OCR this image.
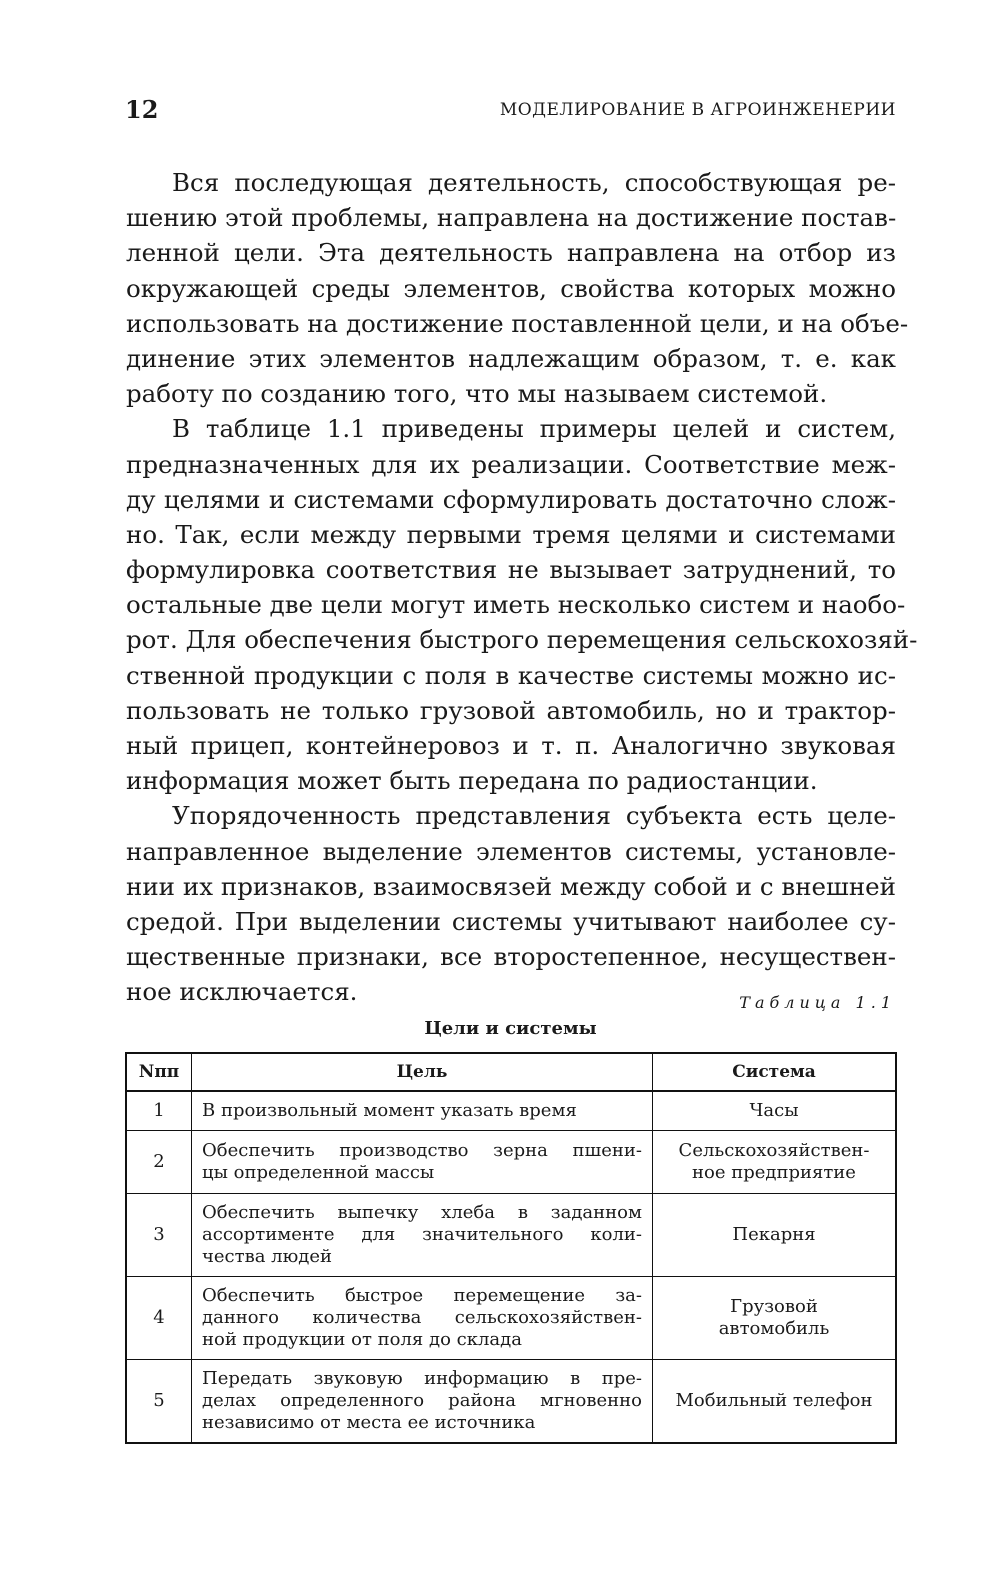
12	МОДЕЛИРОВАНИЕ В АГРОИНЖЕНЕРИИ

Вся последующая деятельность, способствующая ре-
шению этой проблемы, направлена на достижение постав-
ленной цели. Эта деятельность направлена на отбор из
окружающей среды элементов, свойства которых можно
использовать на достижение поставленной цели, и на объе-
динение этих элементов надлежащим образом, т. е. как
работу по созданию того, что мы называем системой.

В таблице 1.1 приведены примеры целей и систем,
предназначенных для их реализации. Соответствие меж-
ду целями и системами сформулировать достаточно слож-
но. Так, если между первыми тремя целями и системами
формулировка соответствия не вызывает затруднений, то
остальные две цели могут иметь несколько систем и наобо-
рот. Для обеспечения быстрого перемещения сельскохозяй-
ственной продукции с поля в качестве системы можно ис-
пользовать не только грузовой автомобиль, но и трактор-
ный прицеп, контейнеровоз и т. п. Аналогично звуковая
информация может быть передана по радиостанции.

Упорядоченность представления субъекта есть целе-
направленное выделение элементов системы, установле-
нии их признаков, взаимосвязей между собой и с внешней
средой. При выделении системы учитывают наиболее су-
щественные признаки, все второстепенное, несуществен-
ное исключается.	Таблица 1.1
Цели и системы
Nпп	Цель	Система
1	В произвольный момент указать время	Часы

2	Обеспечить производство зерна пшени-
цы определенной массы	Сельскохозяйствен-
ное предприятие

3	Обеспечить выпечку хлеба в заданном
ассортименте для значительного коли-
чества людей	Пекарня

4	Обеспечить быстрое перемещение за-
данного количества сельскохозяйствен-
ной продукции от поля до склада	Грузовой
автомобиль

5	Передать звуковую информацию в пре-
делах определенного района мгновенно
независимо от места ее источника	Мобильный телефон
